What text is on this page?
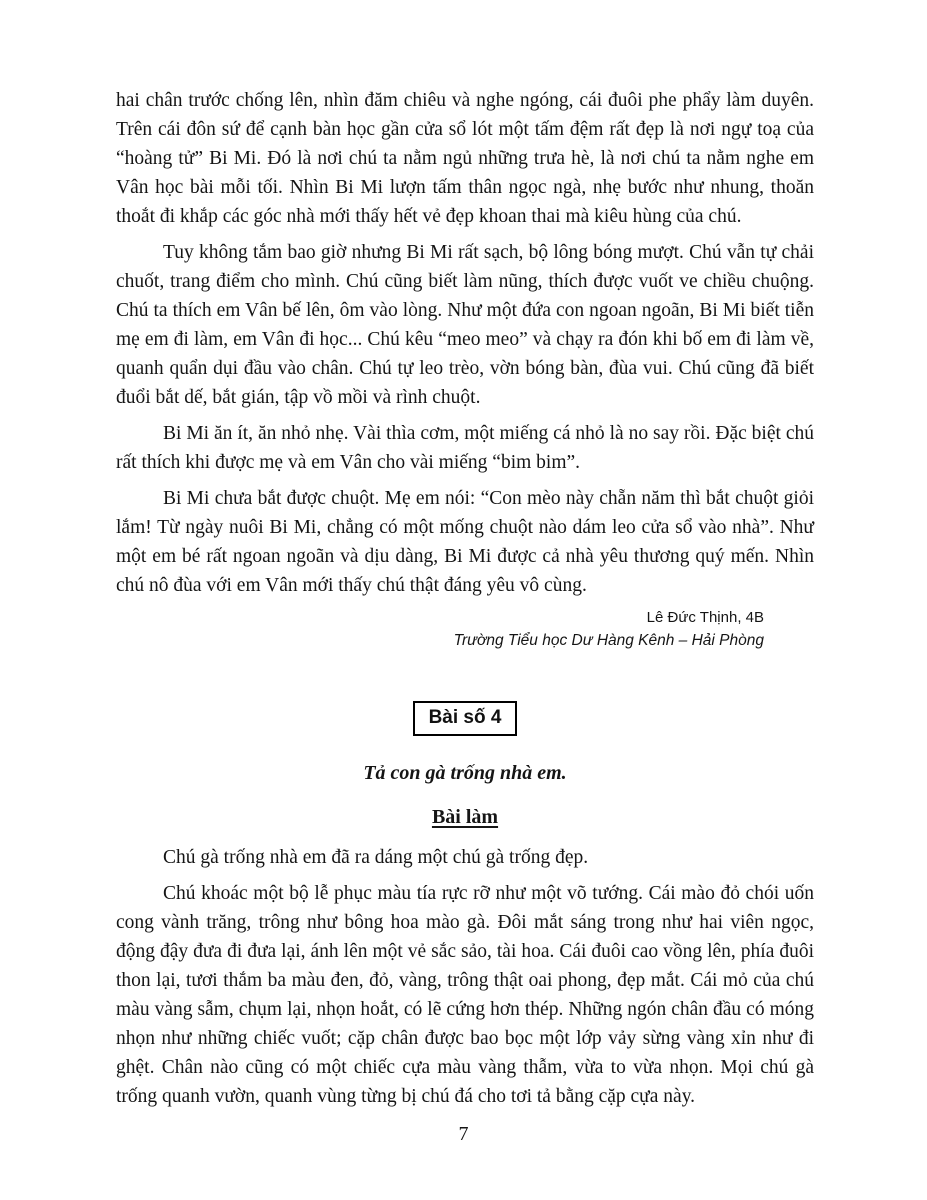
hai chân trước chống lên, nhìn đăm chiêu và nghe ngóng, cái đuôi phe phẩy làm duyên. Trên cái đôn sứ để cạnh bàn học gần cửa sổ lót một tấm đệm rất đẹp là nơi ngự toạ của “hoàng tử” Bi Mi. Đó là nơi chú ta nằm ngủ những trưa hè, là nơi chú ta nằm nghe em Vân học bài mỗi tối. Nhìn Bi Mi lượn tấm thân ngọc ngà, nhẹ bước như nhung, thoăn thoắt đi khắp các góc nhà mới thấy hết vẻ đẹp khoan thai mà kiêu hùng của chú.

Tuy không tắm bao giờ nhưng Bi Mi rất sạch, bộ lông bóng mượt. Chú vẫn tự chải chuốt, trang điểm cho mình. Chú cũng biết làm nũng, thích được vuốt ve chiều chuộng. Chú ta thích em Vân bế lên, ôm vào lòng. Như một đứa con ngoan ngoãn, Bi Mi biết tiễn mẹ em đi làm, em Vân đi học... Chú kêu “meo meo” và chạy ra đón khi bố em đi làm về, quanh quẩn dụi đầu vào chân. Chú tự leo trèo, vờn bóng bàn, đùa vui. Chú cũng đã biết đuổi bắt dế, bắt gián, tập vồ mồi và rình chuột.

Bi Mi ăn ít, ăn nhỏ nhẹ. Vài thìa cơm, một miếng cá nhỏ là no say rồi. Đặc biệt chú rất thích khi được mẹ và em Vân cho vài miếng “bim bim”.

Bi Mi chưa bắt được chuột. Mẹ em nói: “Con mèo này chẵn năm thì bắt chuột giỏi lắm! Từ ngày nuôi Bi Mi, chẳng có một mống chuột nào dám leo cửa sổ vào nhà”. Như một em bé rất ngoan ngoãn và dịu dàng, Bi Mi được cả nhà yêu thương quý mến. Nhìn chú nô đùa với em Vân mới thấy chú thật đáng yêu vô cùng.

Lê Đức Thịnh, 4B
Trường Tiểu học Dư Hàng Kênh – Hải Phòng
Bài số 4
Tả con gà trống nhà em.
Bài làm

Chú gà trống nhà em đã ra dáng một chú gà trống đẹp.

Chú khoác một bộ lễ phục màu tía rực rỡ như một võ tướng. Cái mào đỏ chói uốn cong vành trăng, trông như bông hoa mào gà. Đôi mắt sáng trong như hai viên ngọc, động đậy đưa đi đưa lại, ánh lên một vẻ sắc sảo, tài hoa. Cái đuôi cao vồng lên, phía đuôi thon lại, tươi thắm ba màu đen, đỏ, vàng, trông thật oai phong, đẹp mắt. Cái mỏ của chú màu vàng sẫm, chụm lại, nhọn hoắt, có lẽ cứng hơn thép. Những ngón chân đầu có móng nhọn như những chiếc vuốt; cặp chân được bao bọc một lớp vảy sừng vàng xỉn như đi ghệt. Chân nào cũng có một chiếc cựa màu vàng thẫm, vừa to vừa nhọn. Mọi chú gà trống quanh vườn, quanh vùng từng bị chú đá cho tơi tả bằng cặp cựa này.

7
